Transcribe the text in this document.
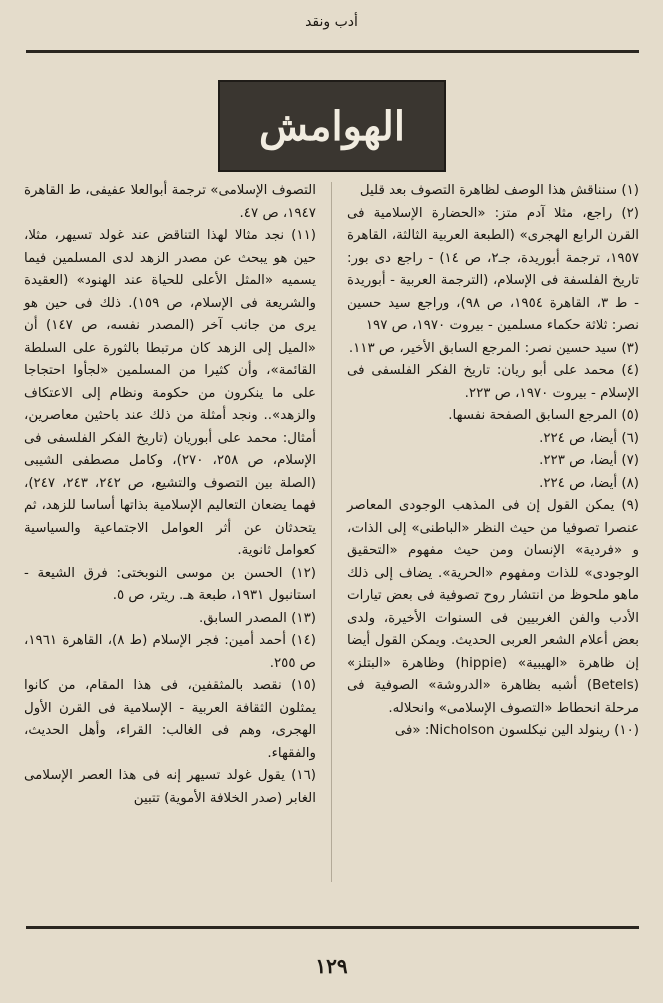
أدب ونقد
الهوامش

(١) سنناقش هذا الوصف لظاهرة التصوف بعد قليل

(٢) راجع، مثلا آدم متز: «الحضارة الإسلامية فى القرن الرابع الهجرى» (الطبعة العربية الثالثة، القاهرة ١٩٥٧، ترجمة أبوريدة، جـ٢، ص ١٤) - راجع دى بور: تاريخ الفلسفة فى الإسلام، (الترجمة العربية - أبوريدة - ط ٣، القاهرة ١٩٥٤، ص ٩٨)، وراجع سيد حسين نصر: ثلاثة حكماء مسلمين - بيروت ١٩٧٠، ص ١٩٧

(٣) سيد حسين نصر: المرجع السابق الأخير، ص ١١٣.

(٤) محمد على أبو ريان: تاريخ الفكر الفلسفى فى الإسلام - بيروت ١٩٧٠، ص ٢٢٣.

(٥) المرجع السابق الصفحة نفسها.

(٦) أيضا، ص ٢٢٤.

(٧) أيضا، ص ٢٢٣.

(٨) أيضا، ص ٢٢٤.

(٩) يمكن القول إن فى المذهب الوجودى المعاصر عنصرا تصوفيا من حيث النظر «الباطنى» إلى الذات، و «فردية» الإنسان ومن حيث مفهوم «التحقيق الوجودى» للذات ومفهوم «الحرية». يضاف إلى ذلك ماهو ملحوظ من انتشار روح تصوفية فى بعض تيارات الأدب والفن الغربيين فى السنوات الأخيرة، ولدى بعض أعلام الشعر العربى الحديث. ويمكن القول أيضا إن ظاهرة «الهيبية» (hippie) وظاهرة «البتلز» (Betels) أشبه بظاهرة «الدروشة» الصوفية فى مرحلة انحطاط «التصوف الإسلامى» وانحلاله.

(١٠) رينولد الين نيكلسون Nicholson: «فى

التصوف الإسلامى» ترجمة أبوالعلا عفيفى، ط القاهرة ١٩٤٧، ص ٤٧.

(١١) نجد مثالا لهذا التناقض عند غولد تسيهر، مثلا، حين هو يبحث عن مصدر الزهد لدى المسلمين فيما يسميه «المثل الأعلى للحياة عند الهنود» (العقيدة والشريعة فى الإسلام، ص ١٥٩). ذلك فى حين هو يرى من جانب آخر (المصدر نفسه، ص ١٤٧) أن «الميل إلى الزهد كان مرتبطا بالثورة على السلطة القائمة»، وأن كثيرا من المسلمين «لجأوا احتجاجا على ما ينكرون من حكومة ونظام إلى الاعتكاف والزهد».. ونجد أمثلة من ذلك عند باحثين معاصرين، أمثال: محمد على أبوريان (تاريخ الفكر الفلسفى فى الإسلام، ص ٢٥٨، ٢٧٠)، وكامل مصطفى الشيبى (الصلة بين التصوف والتشيع، ص ٢٤٢، ٢٤٣، ٢٤٧)، فهما يضعان التعاليم الإسلامية بذاتها أساسا للزهد، ثم يتحدثان عن أثر العوامل الاجتماعية والسياسية كعوامل ثانوية.

(١٢) الحسن بن موسى النوبختى: فرق الشيعة - استانبول ١٩٣١، طبعة هـ. ريتر، ص ٥.

(١٣) المصدر السابق.

(١٤) أحمد أمين: فجر الإسلام (ط ٨)، القاهرة ١٩٦١، ص ٢٥٥.

(١٥) نقصد بالمثقفين، فى هذا المقام، من كانوا يمثلون الثقافة العربية - الإسلامية فى القرن الأول الهجرى، وهم فى الغالب: القراء، وأهل الحديث، والفقهاء.

(١٦) يقول غولد تسيهر إنه فى هذا العصر الإسلامى الغابر (صدر الخلافة الأموية) تتبين

١٢٩
